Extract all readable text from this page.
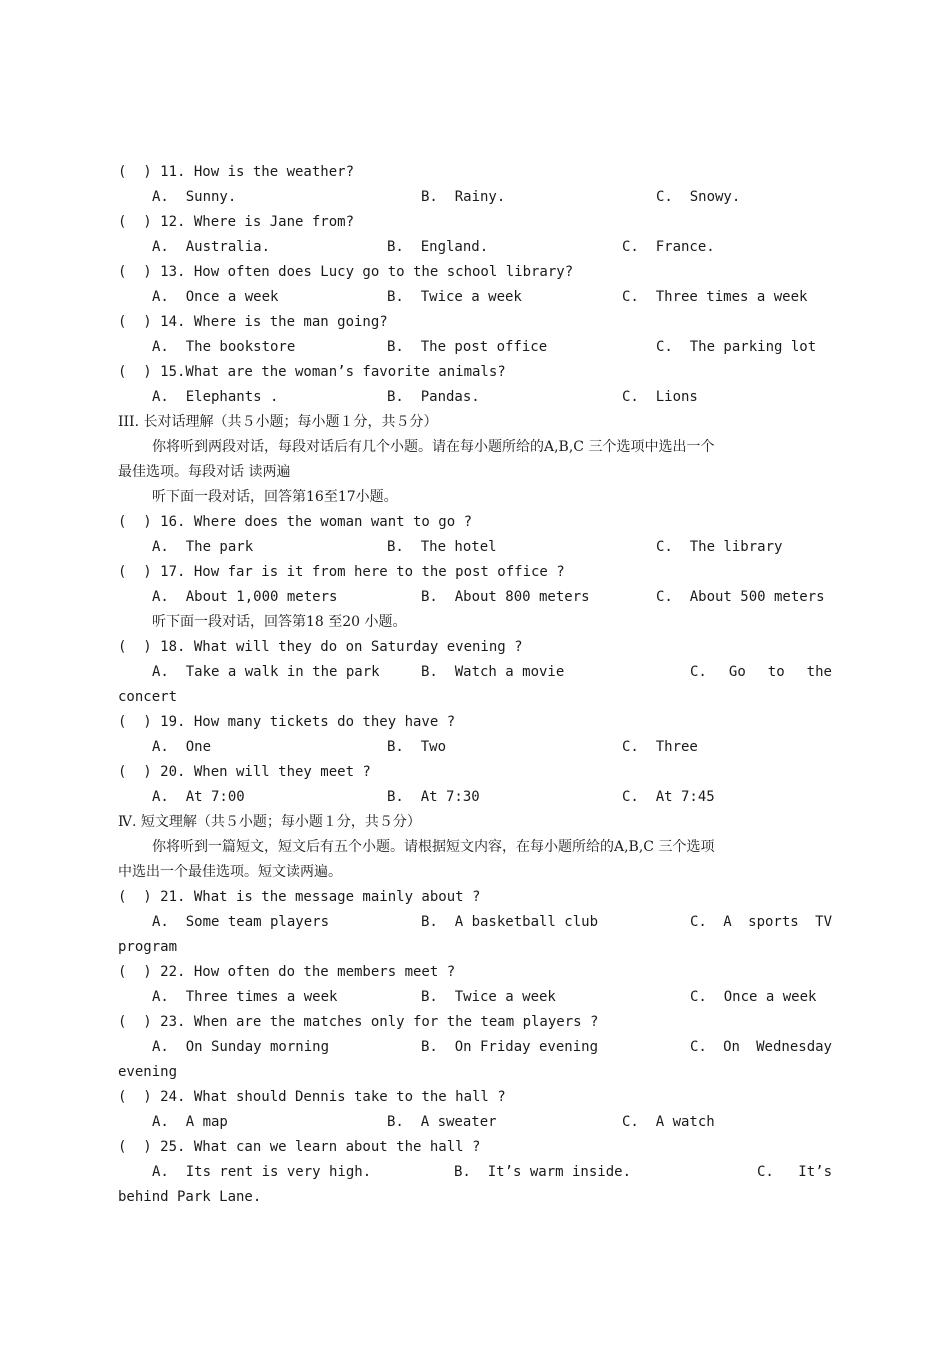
(  ) 11. How is the weather?

A.  Sunny.

	B.  Rainy.

	C.  Snowy.

(  ) 12. Where is Jane from?

A.  Australia.

	B.  England.

	C.  France.

(  ) 13. How often does Lucy go to the school library?

A.  Once a week

	B.  Twice a week

	C.  Three times a week

(  ) 14. Where is the man going?

A.  The bookstore

	B.  The post office

	C.  The parking lot

(  ) 15.What are the woman’s favorite animals?

A.  Elephants .

	B.  Pandas.

	C.  Lions

III. 长对话理解（共５小题；每小题１分，共５分）
你将听到两段对话，每段对话后有几个小题。请在每小题所给的A,B,C 三个选项中选出一个
最佳选项。每段对话 读两遍
听下面一段对话，回答第16至17小题。
(  ) 16. Where does the woman want to go ?

A.  The park

	B.  The hotel

	C.  The library

(  ) 17. How far is it from here to the post office ?

A.  About 1,000 meters

	B.  About 800 meters

	C.  About 500 meters

听下面一段对话，回答第18 至20 小题。
(  ) 18. What will they do on Saturday evening ?

A.  Take a walk in the park

	B.  Watch a movie

	C. Go to the

concert
(  ) 19. How many tickets do they have ?

A.  One

	B.  Two

	C.  Three

(  ) 20. When will they meet ?

A.  At 7:00

	B.  At 7:30

	C.  At 7:45

Ⅳ. 短文理解（共５小题；每小题１分，共５分）
你将听到一篇短文，短文后有五个小题。请根据短文内容，在每小题所给的A,B,C 三个选项
中选出一个最佳选项。短文读两遍。
(  ) 21. What is the message mainly about ?

A.  Some team players

	B.  A basketball club

	C. A sports TV

program
(  ) 22. How often do the members meet ?

A.  Three times a week

	B.  Twice a week

	C.  Once a week

(  ) 23. When are the matches only for the team players ?

A.  On Sunday morning

	B.  On Friday evening

	C. On Wednesday

evening
(  ) 24. What should Dennis take to the hall ?

A.  A map

	B.  A sweater

	C.  A watch

(  ) 25. What can we learn about the hall ?

A.  Its rent is very high.

	B.  It’s warm inside.

	C. It’s

behind Park Lane.
